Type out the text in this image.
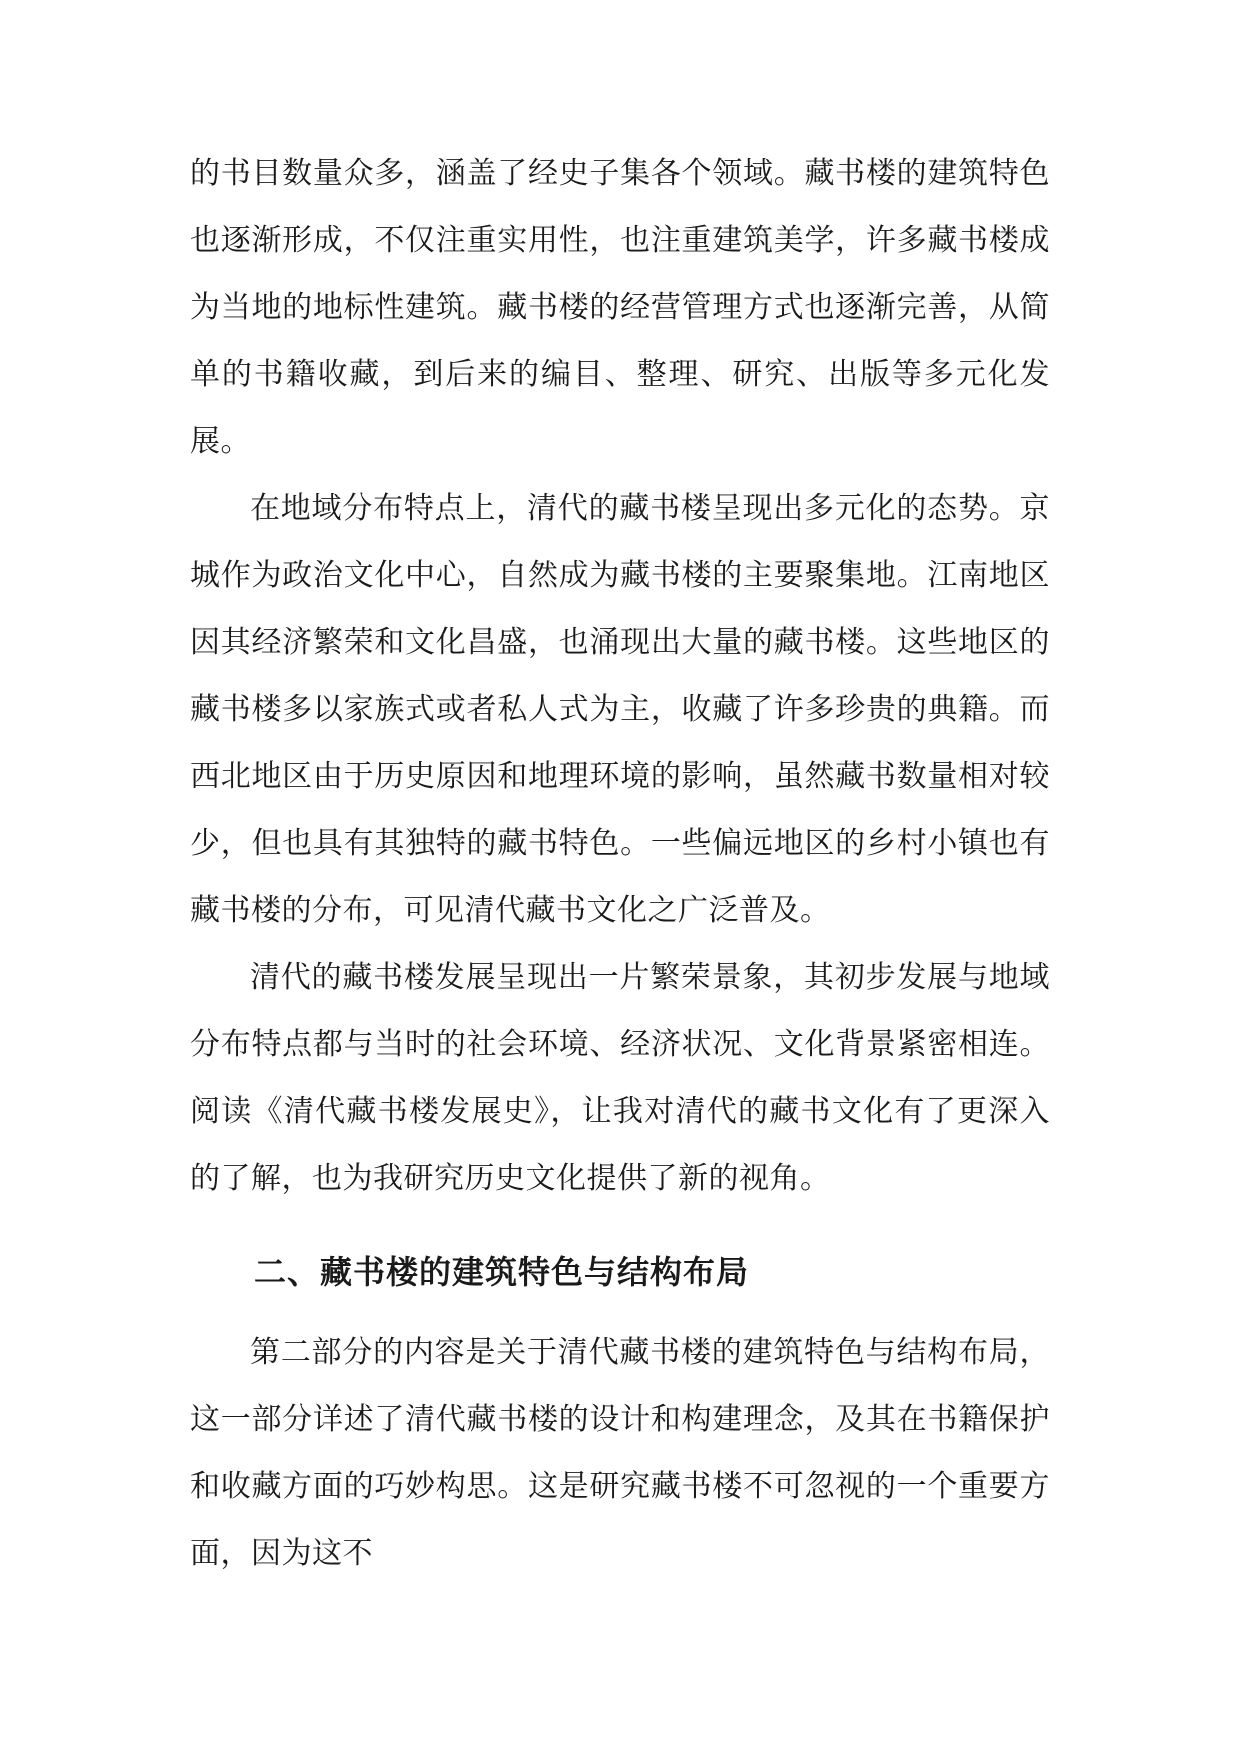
的书目数量众多，涵盖了经史子集各个领域。藏书楼的建筑特色也逐渐形成，不仅注重实用性，也注重建筑美学，许多藏书楼成为当地的地标性建筑。藏书楼的经营管理方式也逐渐完善，从简单的书籍收藏，到后来的编目、整理、研究、出版等多元化发展。

在地域分布特点上，清代的藏书楼呈现出多元化的态势。京城作为政治文化中心，自然成为藏书楼的主要聚集地。江南地区因其经济繁荣和文化昌盛，也涌现出大量的藏书楼。这些地区的藏书楼多以家族式或者私人式为主，收藏了许多珍贵的典籍。而西北地区由于历史原因和地理环境的影响，虽然藏书数量相对较少，但也具有其独特的藏书特色。一些偏远地区的乡村小镇也有藏书楼的分布，可见清代藏书文化之广泛普及。

清代的藏书楼发展呈现出一片繁荣景象，其初步发展与地域分布特点都与当时的社会环境、经济状况、文化背景紧密相连。阅读《清代藏书楼发展史》，让我对清代的藏书文化有了更深入的了解，也为我研究历史文化提供了新的视角。

二、藏书楼的建筑特色与结构布局

第二部分的内容是关于清代藏书楼的建筑特色与结构布局，这一部分详述了清代藏书楼的设计和构建理念，及其在书籍保护和收藏方面的巧妙构思。这是研究藏书楼不可忽视的一个重要方面，因为这不
